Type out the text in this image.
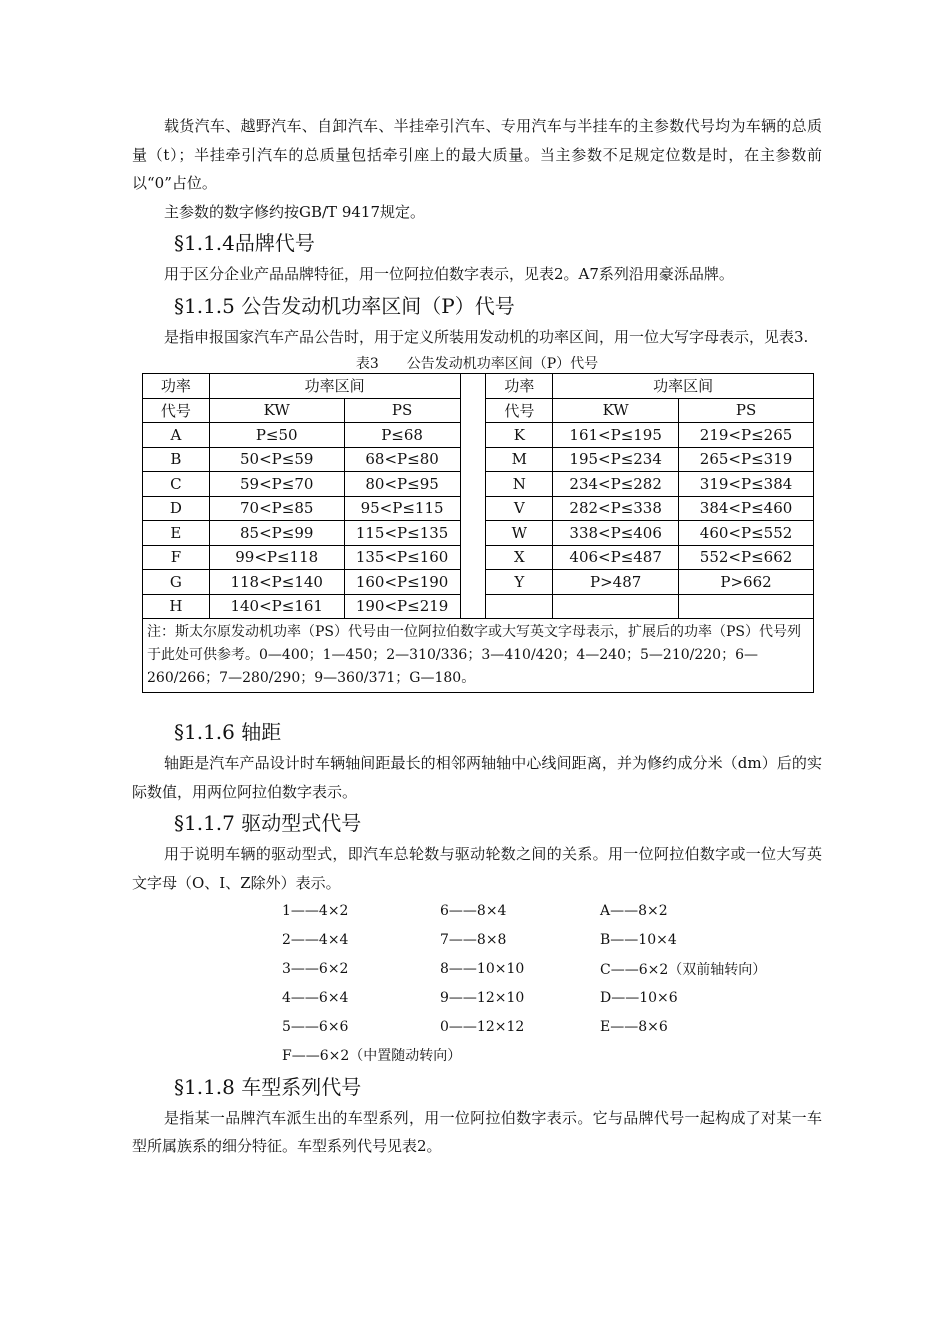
载货汽车、越野汽车、自卸汽车、半挂牵引汽车、专用汽车与半挂车的主参数代号均为车辆的总质量（t）；半挂牵引汽车的总质量包括牵引座上的最大质量。当主参数不足规定位数是时，在主参数前以“0”占位。

主参数的数字修约按GB/T 9417规定。

§1.1.4品牌代号

用于区分企业产品品牌特征，用一位阿拉伯数字表示，见表2。A7系列沿用豪泺品牌。

§1.1.5 公告发动机功率区间（P）代号

是指申报国家汽车产品公告时，用于定义所装用发动机的功率区间，用一位大写字母表示，见表3.

表3　　公告发动机功率区间（P）代号
功率	功率区间			功率	功率区间	
代号	KW	PS		代号	KW	PS
A	P≤50	P≤68		K	161<P≤195	219<P≤265
B	50<P≤59	68<P≤80		M	195<P≤234	265<P≤319
C	59<P≤70	80<P≤95		N	234<P≤282	319<P≤384
D	70<P≤85	95<P≤115		V	282<P≤338	384<P≤460
E	85<P≤99	115<P≤135		W	338<P≤406	460<P≤552
F	99<P≤118	135<P≤160		X	406<P≤487	552<P≤662
G	118<P≤140	160<P≤190		Y	P>487	P>662
H	140<P≤161	190<P≤219				
注：斯太尔原发动机功率（PS）代号由一位阿拉伯数字或大写英文字母表示，扩展后的功率（PS）代号列于此处可供参考。0—400；1—450；2—310/336；3—410/420；4—240；5—210/220；6—260/266；7—280/290；9—360/371；G—180。						
§1.1.6 轴距

轴距是汽车产品设计时车辆轴间距最长的相邻两轴轴中心线间距离，并为修约成分米（dm）后的实际数值，用两位阿拉伯数字表示。

§1.1.7 驱动型式代号

用于说明车辆的驱动型式，即汽车总轮数与驱动轮数之间的关系。用一位阿拉伯数字或一位大写英文字母（O、I、Z除外）表示。

1——4×2	6——8×4	A——8×2
2——4×4	7——8×8	B——10×4
3——6×2	8——10×10	C——6×2（双前轴转向）
4——6×4	9——12×10	D——10×6
5——6×6	0——12×12	E——8×6
F——6×2（中置随动转向）
§1.1.8 车型系列代号

是指某一品牌汽车派生出的车型系列，用一位阿拉伯数字表示。它与品牌代号一起构成了对某一车型所属族系的细分特征。车型系列代号见表2。
